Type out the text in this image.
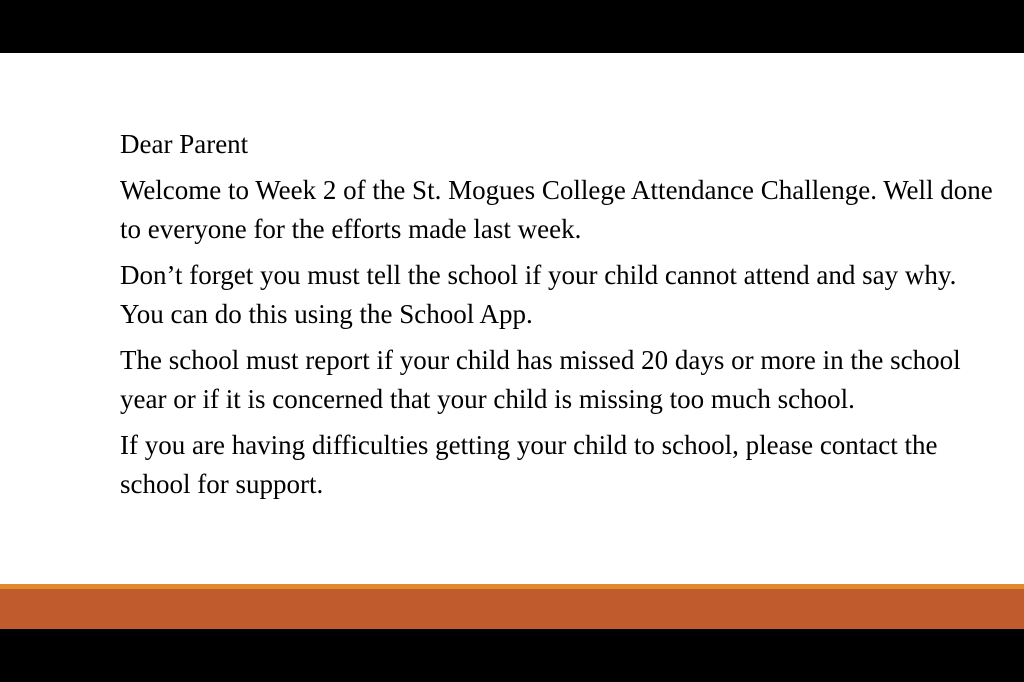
Dear Parent

Welcome to Week 2 of the St. Mogues College Attendance Challenge. Well done to everyone for the efforts made last week.

Don’t forget you must tell the school if your child cannot attend and say why. You can do this using the School App.

The school must report if your child has missed 20 days or more in the school year or if it is concerned that your child is missing too much school.

If you are having difficulties getting your child to school, please contact the school for support.
